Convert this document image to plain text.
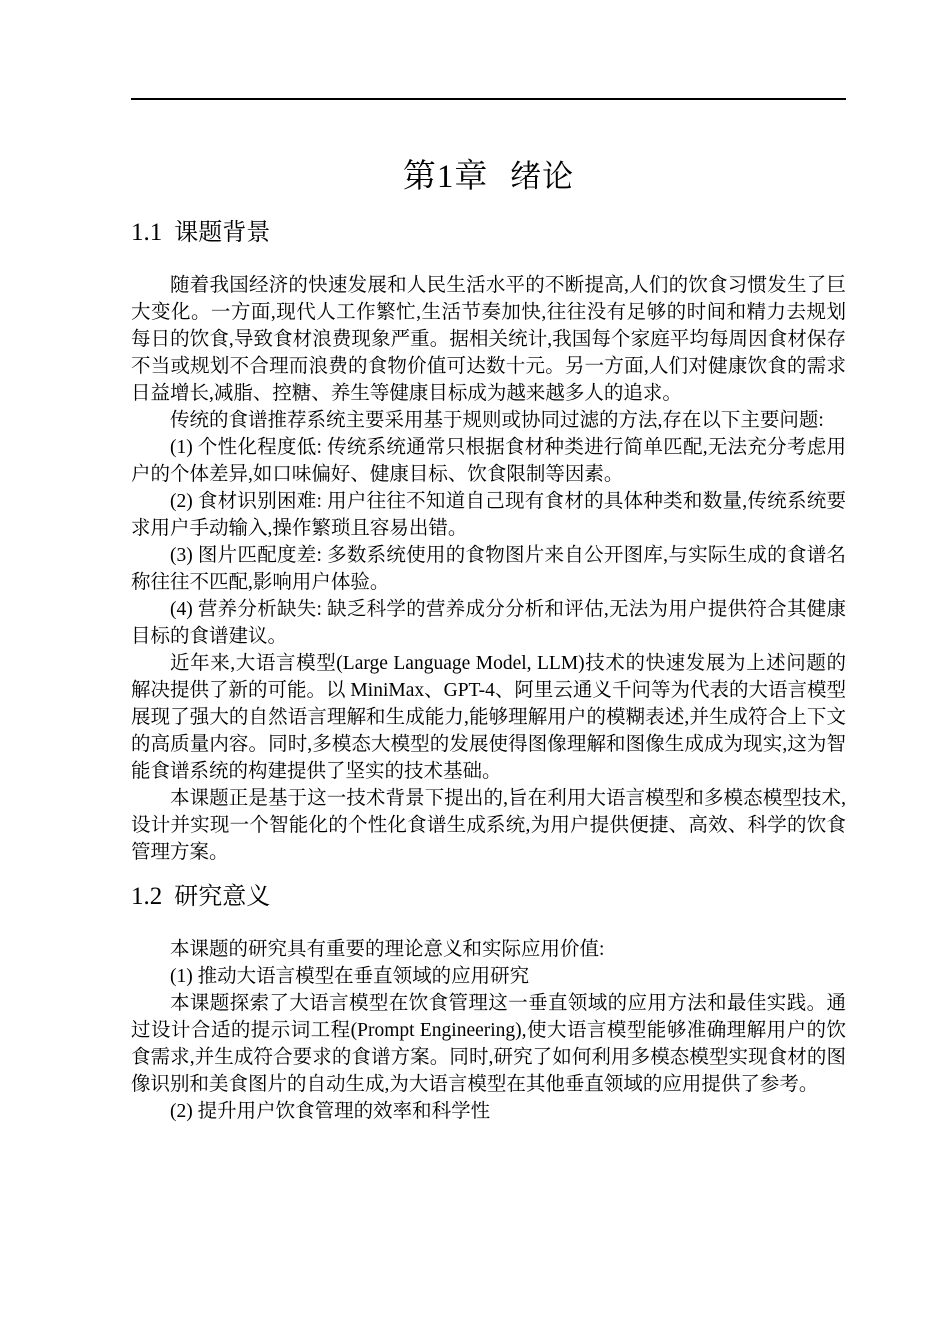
第1章 绪论
1.1 课题背景

随着我国经济的快速发展和人民生活水平的不断提高,人们的饮食习惯发生了巨大变化。一方面,现代人工作繁忙,生活节奏加快,往往没有足够的时间和精力去规划每日的饮食,导致食材浪费现象严重。据相关统计,我国每个家庭平均每周因食材保存不当或规划不合理而浪费的食物价值可达数十元。另一方面,人们对健康饮食的需求日益增长,减脂、控糖、养生等健康目标成为越来越多人的追求。

传统的食谱推荐系统主要采用基于规则或协同过滤的方法,存在以下主要问题:

(1) 个性化程度低: 传统系统通常只根据食材种类进行简单匹配,无法充分考虑用户的个体差异,如口味偏好、健康目标、饮食限制等因素。

(2) 食材识别困难: 用户往往不知道自己现有食材的具体种类和数量,传统系统要求用户手动输入,操作繁琐且容易出错。

(3) 图片匹配度差: 多数系统使用的食物图片来自公开图库,与实际生成的食谱名称往往不匹配,影响用户体验。

(4) 营养分析缺失: 缺乏科学的营养成分分析和评估,无法为用户提供符合其健康目标的食谱建议。

近年来,大语言模型(Large Language Model, LLM)技术的快速发展为上述问题的解决提供了新的可能。以 MiniMax、GPT-4、阿里云通义千问等为代表的大语言模型展现了强大的自然语言理解和生成能力,能够理解用户的模糊表述,并生成符合上下文的高质量内容。同时,多模态大模型的发展使得图像理解和图像生成成为现实,这为智能食谱系统的构建提供了坚实的技术基础。

本课题正是基于这一技术背景下提出的,旨在利用大语言模型和多模态模型技术,设计并实现一个智能化的个性化食谱生成系统,为用户提供便捷、高效、科学的饮食管理方案。

1.2 研究意义

本课题的研究具有重要的理论意义和实际应用价值:

(1) 推动大语言模型在垂直领域的应用研究

本课题探索了大语言模型在饮食管理这一垂直领域的应用方法和最佳实践。通过设计合适的提示词工程(Prompt Engineering),使大语言模型能够准确理解用户的饮食需求,并生成符合要求的食谱方案。同时,研究了如何利用多模态模型实现食材的图像识别和美食图片的自动生成,为大语言模型在其他垂直领域的应用提供了参考。

(2) 提升用户饮食管理的效率和科学性
